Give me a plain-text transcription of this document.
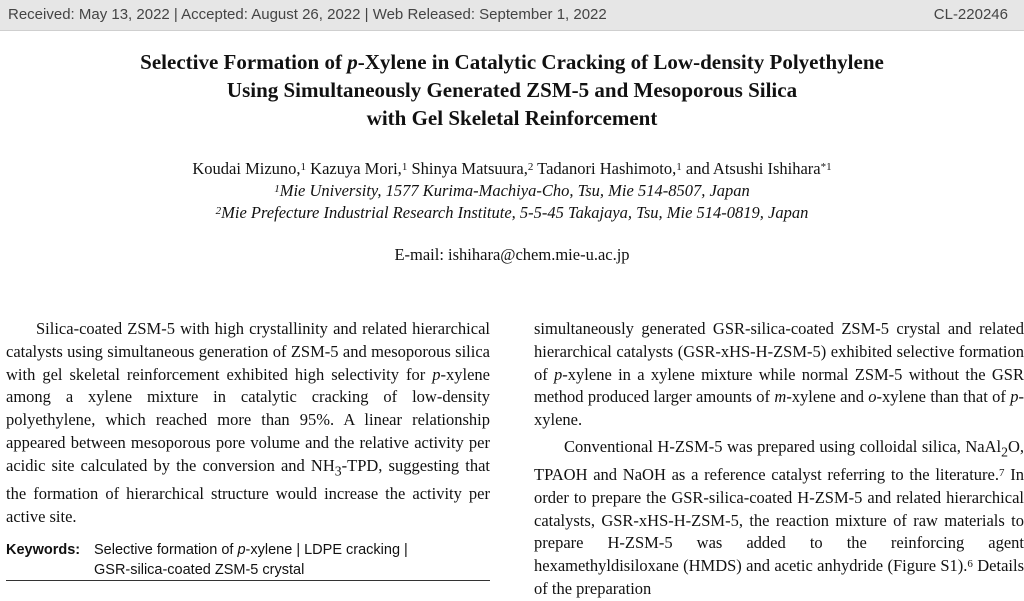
Received: May 13, 2022 | Accepted: August 26, 2022 | Web Released: September 1, 2022	CL-220246
Selective Formation of p-Xylene in Catalytic Cracking of Low-density Polyethylene
Using Simultaneously Generated ZSM-5 and Mesoporous Silica
with Gel Skeletal Reinforcement
Koudai Mizuno,$^1$ Kazuya Mori,$^1$ Shinya Matsuura,$^2$ Tadanori Hashimoto,$^1$ and Atsushi Ishihara$^{*1}$
$^1$Mie University, 1577 Kurima-Machiya-Cho, Tsu, Mie 514-8507, Japan
$^2$Mie Prefecture Industrial Research Institute, 5-5-45 Takajaya, Tsu, Mie 514-0819, Japan
E-mail: ishihara@chem.mie-u.ac.jp

Silica-coated ZSM-5 with high crystallinity and related hierarchical catalysts using simultaneous generation of ZSM-5 and mesoporous silica with gel skeletal reinforcement exhibited high selectivity for p-xylene among a xylene mixture in catalytic cracking of low-density polyethylene, which reached more than 95%. A linear relationship appeared between mesoporous pore volume and the relative activity per acidic site calculated by the conversion and $NH_3$-TPD, suggesting that the formation of hierarchical structure would increase the activity per active site.

Keywords: Selective formation of p-xylene | LDPE cracking |
GSR-silica-coated ZSM-5 crystal

simultaneously generated GSR-silica-coated ZSM-5 crystal and related hierarchical catalysts (GSR-xHS-H-ZSM-5) exhibited selective formation of p-xylene in a xylene mixture while normal ZSM-5 without the GSR method produced larger amounts of m-xylene and o-xylene than that of p-xylene.

Conventional H-ZSM-5 was prepared using colloidal silica, NaAl$_2$O, TPAOH and NaOH as a reference catalyst referring to the literature.$^7$ In order to prepare the GSR-silica-coated H-ZSM-5 and related hierarchical catalysts, GSR-xHS-H-ZSM-5, the reaction mixture of raw materials to prepare H-ZSM-5 was added to the reinforcing agent hexamethyldisiloxane (HMDS) and acetic anhydride (Figure S1).$^6$ Details of the preparation
